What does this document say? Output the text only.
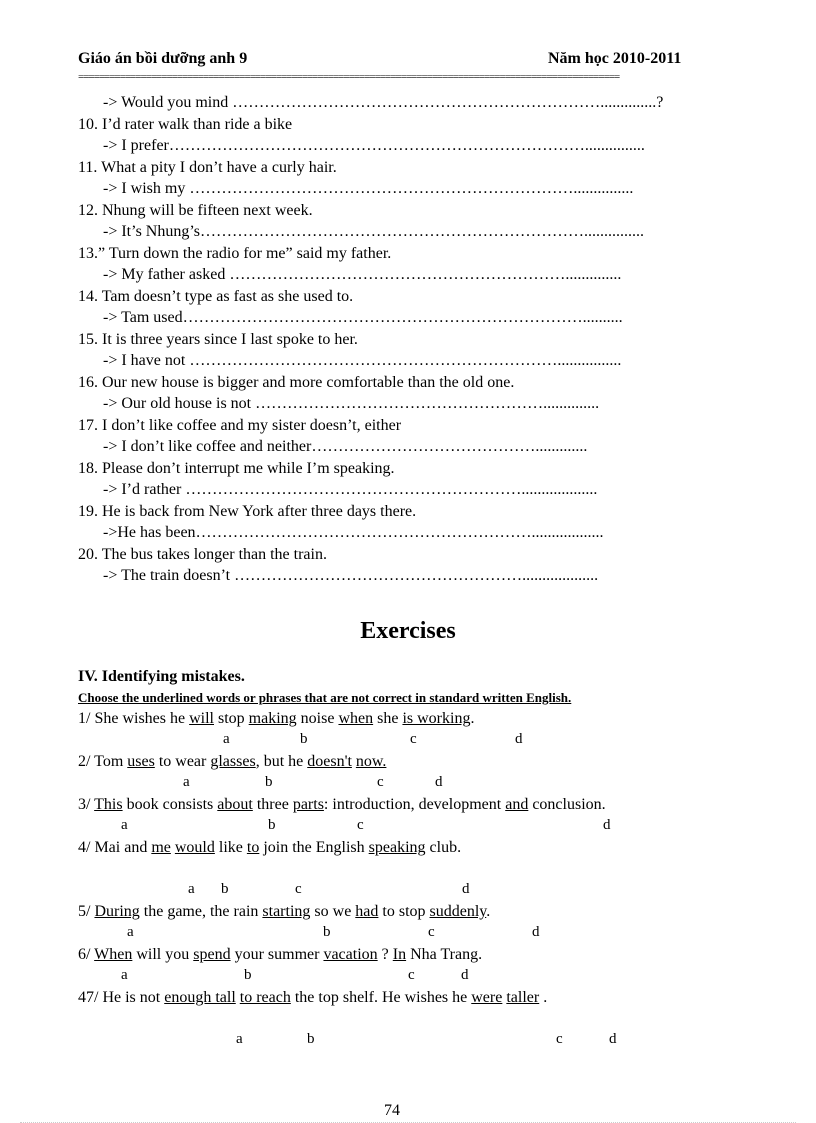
Giáo án bồi dưỡng anh 9	Năm học 2010-2011
========================================================================================================
-> Would you mind ……………………………………………………………..............?
10. I’d rater walk than ride a bike
-> I prefer……………………………………………………………………...............
11. What a pity I don’t have a curly hair.
-> I wish my ………………………………………………………………...............
12. Nhung will be fifteen next week.
-> It’s Nhung’s………………………………………………………………...............
13.” Turn down the radio for me” said my father.
-> My father asked ………………………………………………………..............
14. Tam doesn’t type as fast as she used to.
-> Tam used…………………………………………………………………..........
15. It is three years since I last spoke to her.
-> I have not ……………………………………………………………................
16. Our new house is bigger and more comfortable than the old one.
-> Our old house is not ………………………………………………..............
17. I don’t like coffee and my sister doesn’t, either
-> I don’t like coffee and neither…………………………………….............
18. Please don’t interrupt me while I’m speaking.
-> I’d rather ………………………………………………………...................
19. He is back from New York after three days there.
->He has been………………………………………………………..................
20. The bus takes longer than the train.
-> The train doesn’t ………………………………………………...................
Exercises
IV. Identifying mistakes.
Choose the underlined words or phrases that are not correct in standard written English.
1/ She wishes he will stop making noise when she is working.
2/ Tom uses to wear glasses, but he doesn't now.
3/ This book consists about three parts: introduction, development and conclusion.
4/ Mai and me would like to join the English speaking club.
5/ During the game, the rain starting so we had to stop suddenly.
6/ When will you spend your summer vacation ? In Nha Trang.
47/ He is not enough tall to reach the top shelf. He wishes he were taller .
a	b	c	d
a	b	c	d
a	b	c	d
a b	c	d
a	b	c	d
a	b	c	d
a	b	c	d
74
